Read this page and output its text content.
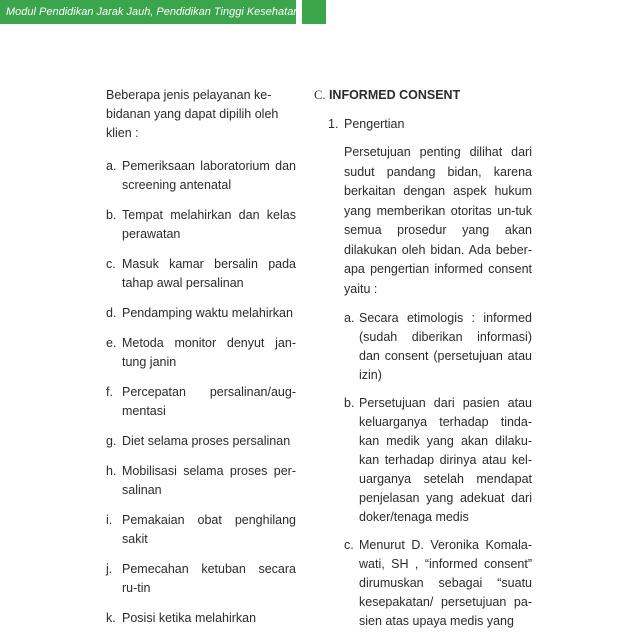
Modul Pendidikan Jarak Jauh, Pendidikan Tinggi Kesehatan

Beberapa jenis pelayanan ke-bidanan yang dapat dipilih oleh klien :

a. Pemeriksaan laboratorium dan screening antenatal
b. Tempat melahirkan dan kelas perawatan
c. Masuk kamar bersalin pada tahap awal persalinan
d. Pendamping waktu melahirkan
e. Metoda monitor denyut jan-tung janin
f. Percepatan persalinan/aug-mentasi
g. Diet selama proses persalinan
h. Mobilisasi selama proses per-salinan
i. Pemakaian obat penghilang sakit
j. Pemecahan ketuban secara ru-tin
k. Posisi ketika melahirkan
C. INFORMED CONSENT
1. Pengertian

Persetujuan penting dilihat dari sudut pandang bidan, karena berkaitan dengan aspek hukum yang memberikan otoritas un-tuk semua prosedur yang akan dilakukan oleh bidan. Ada beber-apa pengertian informed consent yaitu :

a. Secara etimologis : informed (sudah diberikan informasi) dan consent (persetujuan atau izin)
b. Persetujuan dari pasien atau keluarganya terhadap tinda-kan medik yang akan dilaku-kan terhadap dirinya atau kel-uarganya setelah mendapat penjelasan yang adekuat dari doker/tenaga medis
c. Menurut D. Veronika Komala-wati, SH , “informed consent” dirumuskan sebagai “suatu kesepakatan/ persetujuan pa-sien atas upaya medis yang
